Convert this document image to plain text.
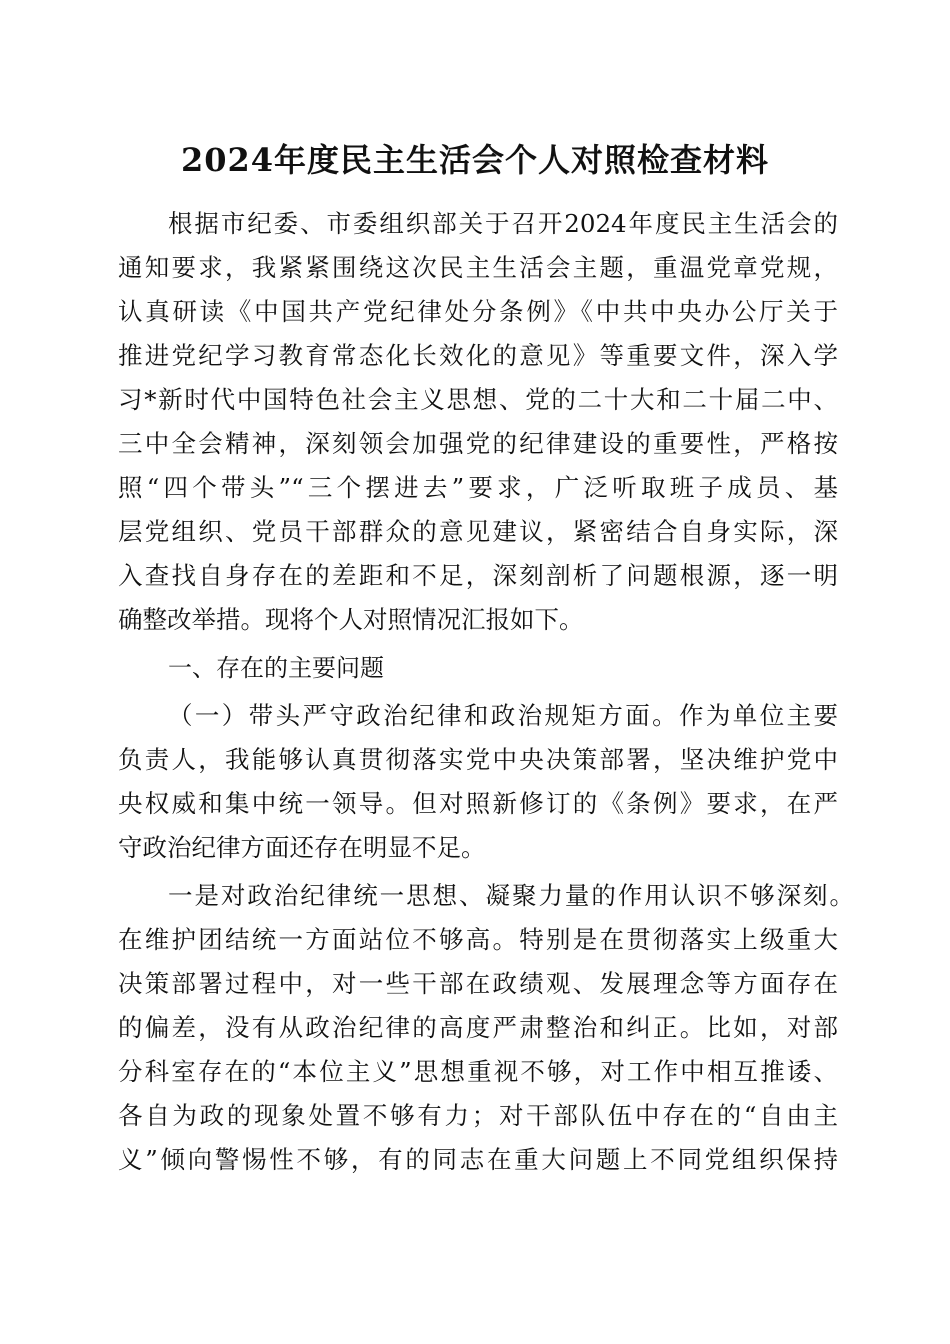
2024年度民主生活会个人对照检查材料
根据市纪委、市委组织部关于召开2024年度民主生活会的
通知要求，我紧紧围绕这次民主生活会主题，重温党章党规，
认真研读《中国共产党纪律处分条例》《中共中央办公厅关于
推进党纪学习教育常态化长效化的意见》等重要文件，深入学
习*新时代中国特色社会主义思想、党的二十大和二十届二中、
三中全会精神，深刻领会加强党的纪律建设的重要性，严格按
照“四个带头”“三个摆进去”要求，广泛听取班子成员、基
层党组织、党员干部群众的意见建议，紧密结合自身实际，深
入查找自身存在的差距和不足，深刻剖析了问题根源，逐一明
确整改举措。现将个人对照情况汇报如下。
一、存在的主要问题
（一）带头严守政治纪律和政治规矩方面。作为单位主要
负责人，我能够认真贯彻落实党中央决策部署，坚决维护党中
央权威和集中统一领导。但对照新修订的《条例》要求，在严
守政治纪律方面还存在明显不足。
一是对政治纪律统一思想、凝聚力量的作用认识不够深刻。
在维护团结统一方面站位不够高。特别是在贯彻落实上级重大
决策部署过程中，对一些干部在政绩观、发展理念等方面存在
的偏差，没有从政治纪律的高度严肃整治和纠正。比如，对部
分科室存在的“本位主义”思想重视不够，对工作中相互推诿、
各自为政的现象处置不够有力；对干部队伍中存在的“自由主
义”倾向警惕性不够，有的同志在重大问题上不同党组织保持
